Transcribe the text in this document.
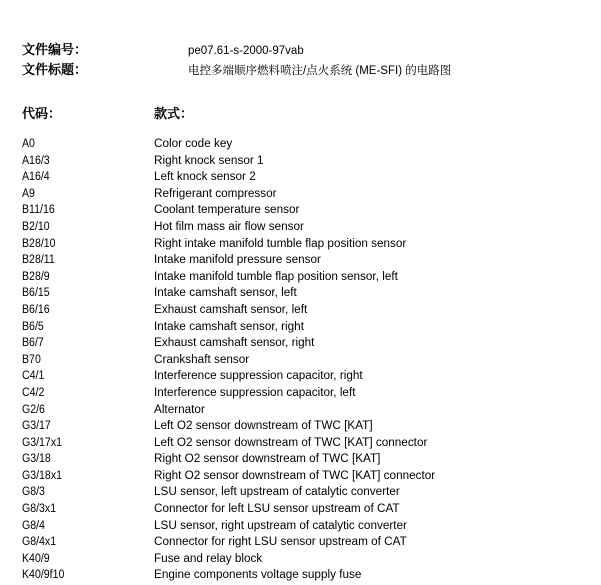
文件编号：	pe07.61-s-2000-97vab
文件标题：	电控多端顺序燃料喷注/点火系统 (ME-SFI) 的电路图
代码：	款式：
A0	Color code key
A16/3	Right knock sensor 1
A16/4	Left knock sensor 2
A9	Refrigerant compressor
B11/16	Coolant temperature sensor
B2/10	Hot film mass air flow sensor
B28/10	Right intake manifold tumble flap position sensor
B28/11	Intake manifold pressure sensor
B28/9	Intake manifold tumble flap position sensor, left
B6/15	Intake camshaft sensor, left
B6/16	Exhaust camshaft sensor, left
B6/5	Intake camshaft sensor, right
B6/7	Exhaust camshaft sensor, right
B70	Crankshaft sensor
C4/1	Interference suppression capacitor, right
C4/2	Interference suppression capacitor, left
G2/6	Alternator
G3/17	Left O2 sensor downstream of TWC [KAT]
G3/17x1	Left O2 sensor downstream of TWC [KAT] connector
G3/18	Right O2 sensor downstream of TWC [KAT]
G3/18x1	Right O2 sensor downstream of TWC [KAT] connector
G8/3	LSU sensor, left upstream of catalytic converter
G8/3x1	Connector for left LSU sensor upstream of CAT
G8/4	LSU sensor, right upstream of catalytic converter
G8/4x1	Connector for right LSU sensor upstream of CAT
K40/9	Fuse and relay block
K40/9f10	Engine components voltage supply fuse
